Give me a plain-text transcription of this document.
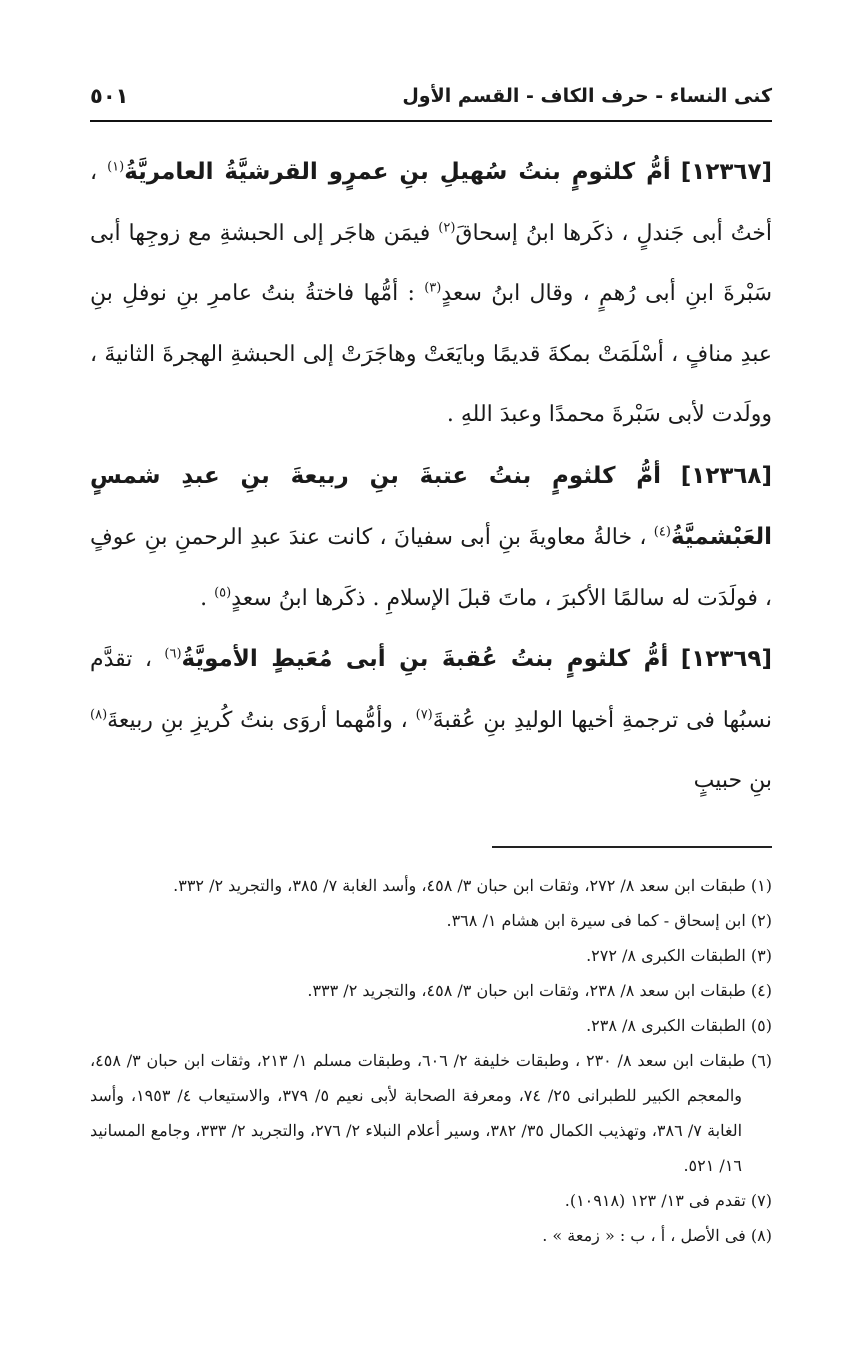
كنى النساء - حرف الكاف - القسم الأول
٥٠١

[١٢٣٦٧] أمُّ كلثومٍ بنتُ سُهيلِ بنِ عمرٍو القرشيَّةُ العامريَّةُ$^{(١)}$ ، أختُ أبى جَندلٍ ، ذكَرها ابنُ إسحاقَ$^{(٢)}$ فيمَن هاجَر إلى الحبشةِ مع زوجِها أبى سَبْرةَ ابنِ أبى رُهمٍ ، وقال ابنُ سعدٍ$^{(٣)}$ : أمُّها فاختةُ بنتُ عامرِ بنِ نوفلِ بنِ عبدِ منافٍ ، أسْلَمَتْ بمكةَ قديمًا وبايَعَتْ وهاجَرَتْ إلى الحبشةِ الهجرةَ الثانيةَ ، وولَدت لأبى سَبْرةَ محمدًا وعبدَ اللهِ .

[١٢٣٦٨] أمُّ كلثومٍ بنتُ عتبةَ بنِ ربيعةَ بنِ عبدِ شمسٍ العَبْشميَّةُ$^{(٤)}$ ، خالةُ معاويةَ بنِ أبى سفيانَ ، كانت عندَ عبدِ الرحمنِ بنِ عوفٍ ، فولَدَت له سالمًا الأكبرَ ، ماتَ قبلَ الإسلامِ . ذكَرها ابنُ سعدٍ$^{(٥)}$ .

[١٢٣٦٩] أمُّ كلثومٍ بنتُ عُقبةَ بنِ أبى مُعَيطٍ الأمويَّةُ$^{(٦)}$ ، تقدَّم نسبُها فى ترجمةِ أخيها الوليدِ بنِ عُقبةَ$^{(٧)}$ ، وأمُّهما أروَى بنتُ كُريزِ بنِ ربيعةَ$^{(٨)}$ بنِ حبيبٍ

(١) طبقات ابن سعد ٨/ ٢٧٢، وثقات ابن حبان ٣/ ٤٥٨، وأسد الغابة ٧/ ٣٨٥، والتجريد ٢/ ٣٣٢.

(٢) ابن إسحاق - كما فى سيرة ابن هشام ١/ ٣٦٨.

(٣) الطبقات الكبرى ٨/ ٢٧٢.

(٤) طبقات ابن سعد ٨/ ٢٣٨، وثقات ابن حبان ٣/ ٤٥٨، والتجريد ٢/ ٣٣٣.

(٥) الطبقات الكبرى ٨/ ٢٣٨.

(٦) طبقات ابن سعد ٨/ ٢٣٠ ، وطبقات خليفة ٢/ ٦٠٦، وطبقات مسلم ١/ ٢١٣، وثقات ابن حبان ٣/ ٤٥٨، والمعجم الكبير للطبرانى ٢٥/ ٧٤، ومعرفة الصحابة لأبى نعيم ٥/ ٣٧٩، والاستيعاب ٤/ ١٩٥٣، وأسد الغابة ٧/ ٣٨٦، وتهذيب الكمال ٣٥/ ٣٨٢، وسير أعلام النبلاء ٢/ ٢٧٦، والتجريد ٢/ ٣٣٣، وجامع المسانيد ١٦/ ٥٢١.

(٧) تقدم فى ١٣/ ١٢٣ (١٠٩١٨).

(٨) فى الأصل ، أ ، ب : « زمعة » .
